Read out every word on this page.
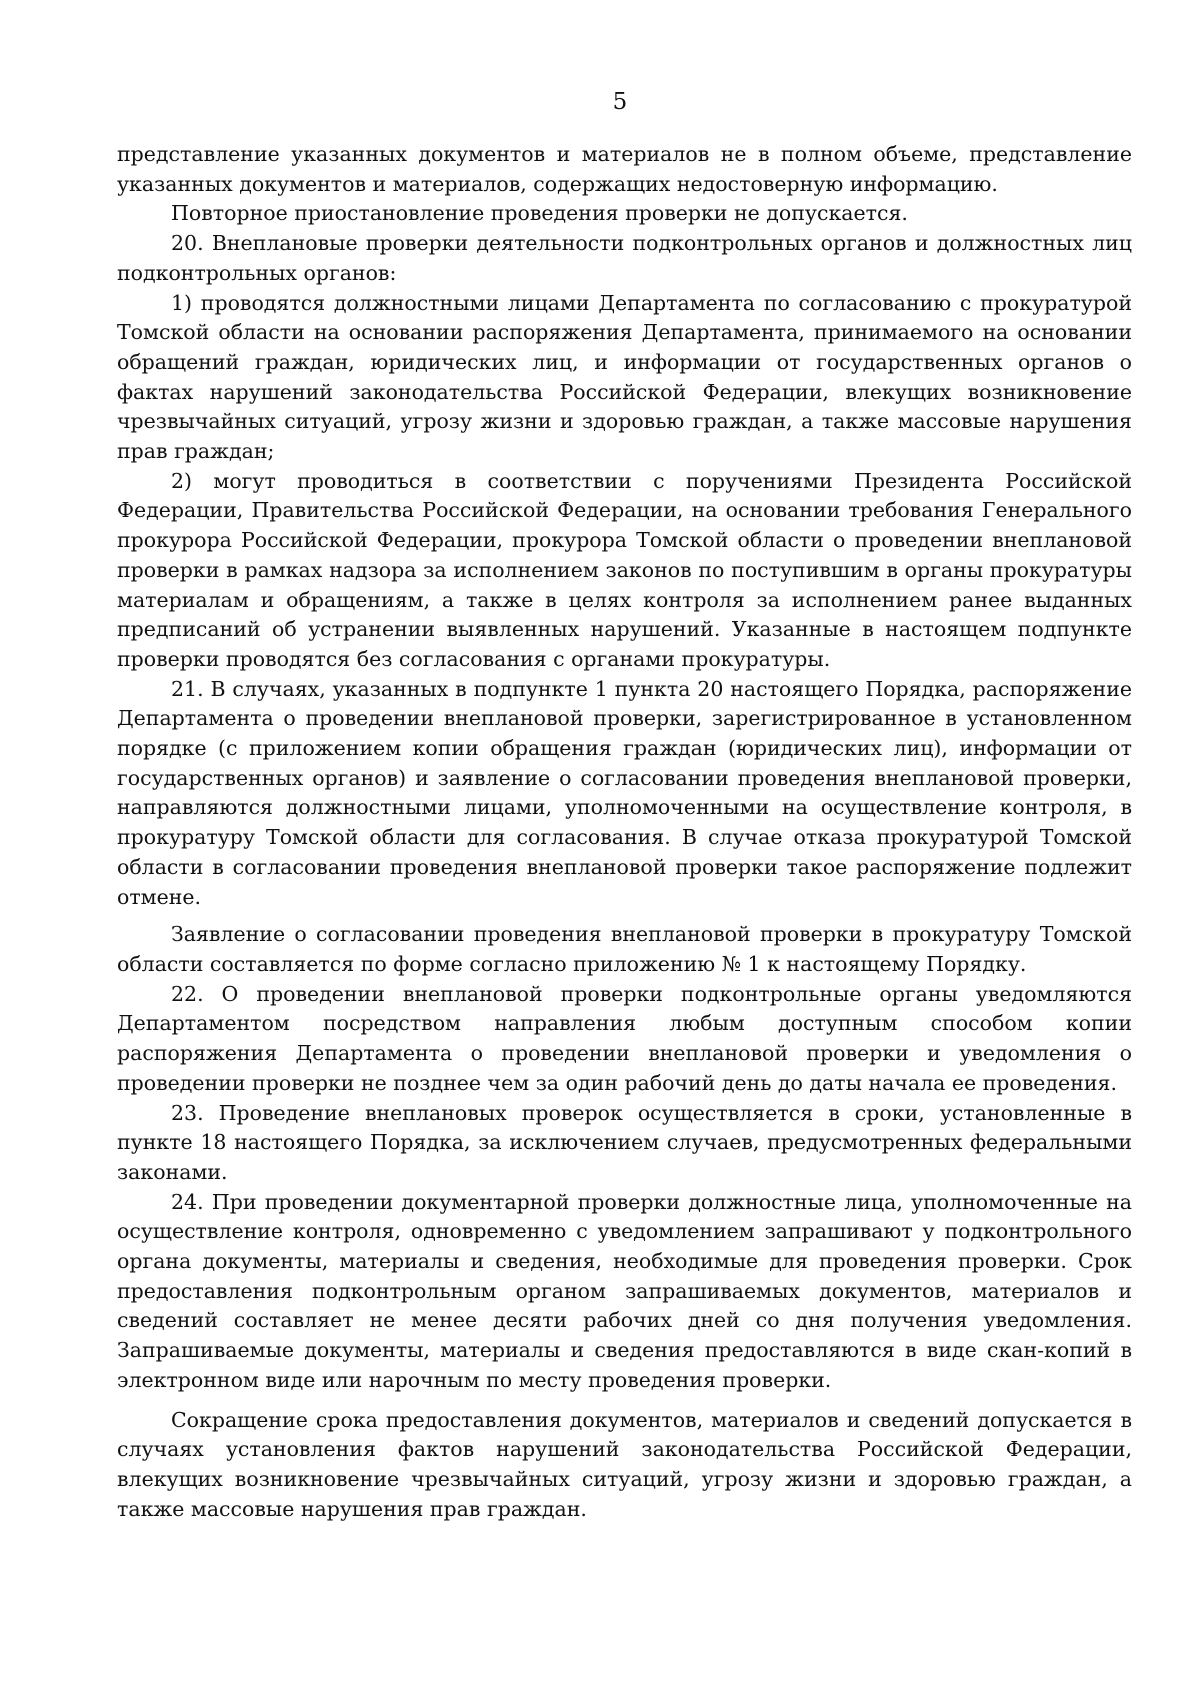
5

представление указанных документов и материалов не в полном объеме, представление указанных документов и материалов, содержащих недостоверную информацию.

Повторное приостановление проведения проверки не допускается.

20. Внеплановые проверки деятельности подконтрольных органов и должностных лиц подконтрольных органов:

1) проводятся должностными лицами Департамента по согласованию с прокуратурой Томской области на основании распоряжения Департамента, принимаемого на основании обращений граждан, юридических лиц, и информации от государственных органов о фактах нарушений законодательства Российской Федерации, влекущих возникновение чрезвычайных ситуаций, угрозу жизни и здоровью граждан, а также массовые нарушения прав граждан;

2) могут проводиться в соответствии с поручениями Президента Российской Федерации, Правительства Российской Федерации, на основании требования Генерального прокурора Российской Федерации, прокурора Томской области о проведении внеплановой проверки в рамках надзора за исполнением законов по поступившим в органы прокуратуры материалам и обращениям, а также в целях контроля за исполнением ранее выданных предписаний об устранении выявленных нарушений. Указанные в настоящем подпункте проверки проводятся без согласования с органами прокуратуры.

21. В случаях, указанных в подпункте 1 пункта 20 настоящего Порядка, распоряжение Департамента о проведении внеплановой проверки, зарегистрированное в установленном порядке (с приложением копии обращения граждан (юридических лиц), информации от государственных органов) и заявление о согласовании проведения внеплановой проверки, направляются должностными лицами, уполномоченными на осуществление контроля, в прокуратуру Томской области для согласования. В случае отказа прокуратурой Томской области в согласовании проведения внеплановой проверки такое распоряжение подлежит отмене.

Заявление о согласовании проведения внеплановой проверки в прокуратуру Томской области составляется по форме согласно приложению № 1 к настоящему Порядку.

22. О проведении внеплановой проверки подконтрольные органы уведомляются Департаментом посредством направления любым доступным способом копии распоряжения Департамента о проведении внеплановой проверки и уведомления о проведении проверки не позднее чем за один рабочий день до даты начала ее проведения.

23. Проведение внеплановых проверок осуществляется в сроки, установленные в пункте 18 настоящего Порядка, за исключением случаев, предусмотренных федеральными законами.

24. При проведении документарной проверки должностные лица, уполномоченные на осуществление контроля, одновременно с уведомлением запрашивают у подконтрольного органа документы, материалы и сведения, необходимые для проведения проверки. Срок предоставления подконтрольным органом запрашиваемых документов, материалов и сведений составляет не менее десяти рабочих дней со дня получения уведомления. Запрашиваемые документы, материалы и сведения предоставляются в виде скан-копий в электронном виде или нарочным по месту проведения проверки.

Сокращение срока предоставления документов, материалов и сведений допускается в случаях установления фактов нарушений законодательства Российской Федерации, влекущих возникновение чрезвычайных ситуаций, угрозу жизни и здоровью граждан, а также массовые нарушения прав граждан.
